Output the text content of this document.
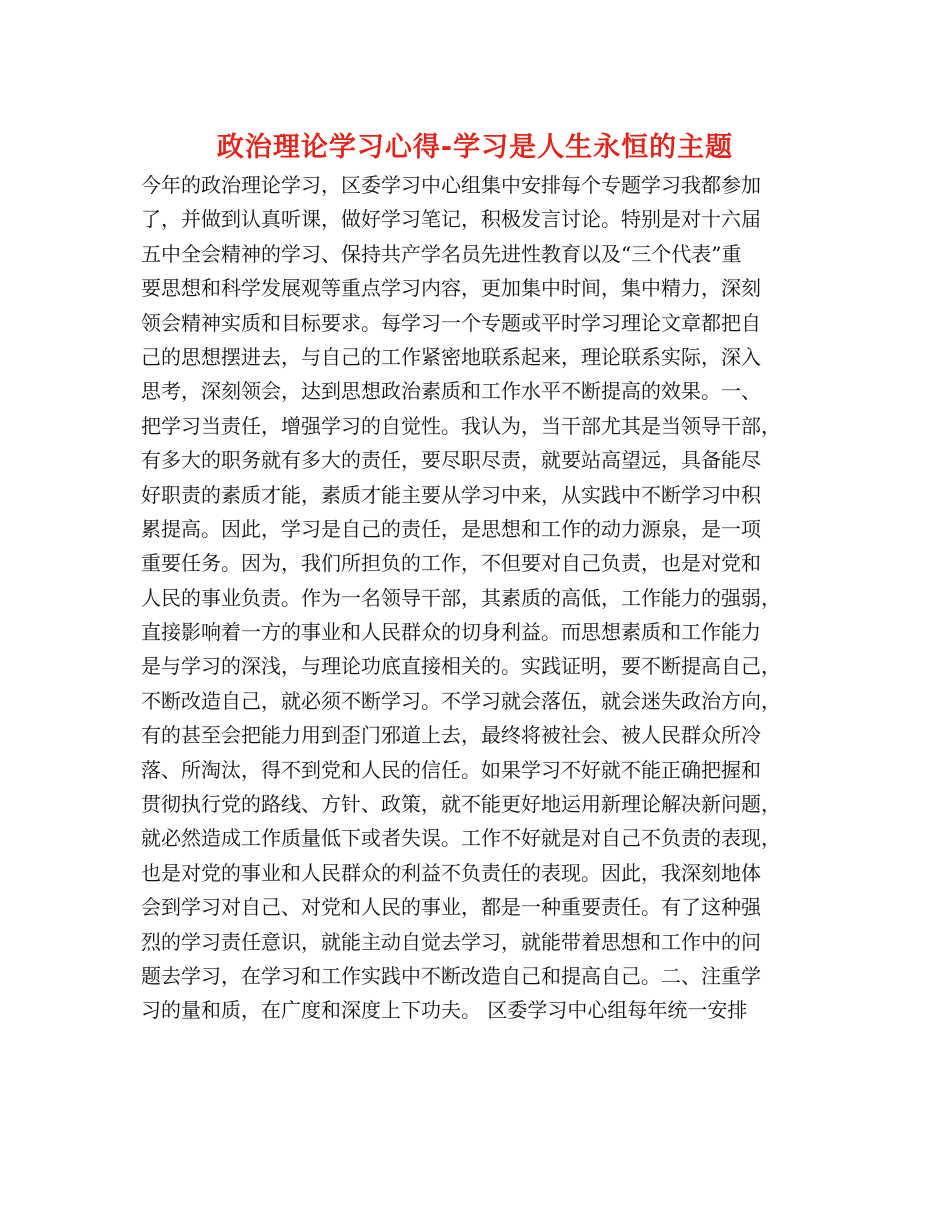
政治理论学习心得-学习是人生永恒的主题
今年的政治理论学习，区委学习中心组集中安排每个专题学习我都参加
了，并做到认真听课，做好学习笔记，积极发言讨论。特别是对十六届
五中全会精神的学习、保持共产学名员先进性教育以及“三个代表”重
要思想和科学发展观等重点学习内容，更加集中时间，集中精力，深刻
领会精神实质和目标要求。每学习一个专题或平时学习理论文章都把自
己的思想摆进去，与自己的工作紧密地联系起来，理论联系实际，深入
思考，深刻领会，达到思想政治素质和工作水平不断提高的效果。一、
把学习当责任，增强学习的自觉性。我认为，当干部尤其是当领导干部，
有多大的职务就有多大的责任，要尽职尽责，就要站高望远，具备能尽
好职责的素质才能，素质才能主要从学习中来，从实践中不断学习中积
累提高。因此，学习是自己的责任，是思想和工作的动力源泉，是一项
重要任务。因为，我们所担负的工作，不但要对自己负责，也是对党和
人民的事业负责。作为一名领导干部，其素质的高低，工作能力的强弱，
直接影响着一方的事业和人民群众的切身利益。而思想素质和工作能力
是与学习的深浅，与理论功底直接相关的。实践证明，要不断提高自己，
不断改造自己，就必须不断学习。不学习就会落伍，就会迷失政治方向，
有的甚至会把能力用到歪门邪道上去，最终将被社会、被人民群众所冷
落、所淘汰，得不到党和人民的信任。如果学习不好就不能正确把握和
贯彻执行党的路线、方针、政策，就不能更好地运用新理论解决新问题，
就必然造成工作质量低下或者失误。工作不好就是对自己不负责的表现，
也是对党的事业和人民群众的利益不负责任的表现。因此，我深刻地体
会到学习对自己、对党和人民的事业，都是一种重要责任。有了这种强
烈的学习责任意识，就能主动自觉去学习，就能带着思想和工作中的问
题去学习，在学习和工作实践中不断改造自己和提高自己。二、注重学
习的量和质，在广度和深度上下功夫。 区委学习中心组每年统一安排
